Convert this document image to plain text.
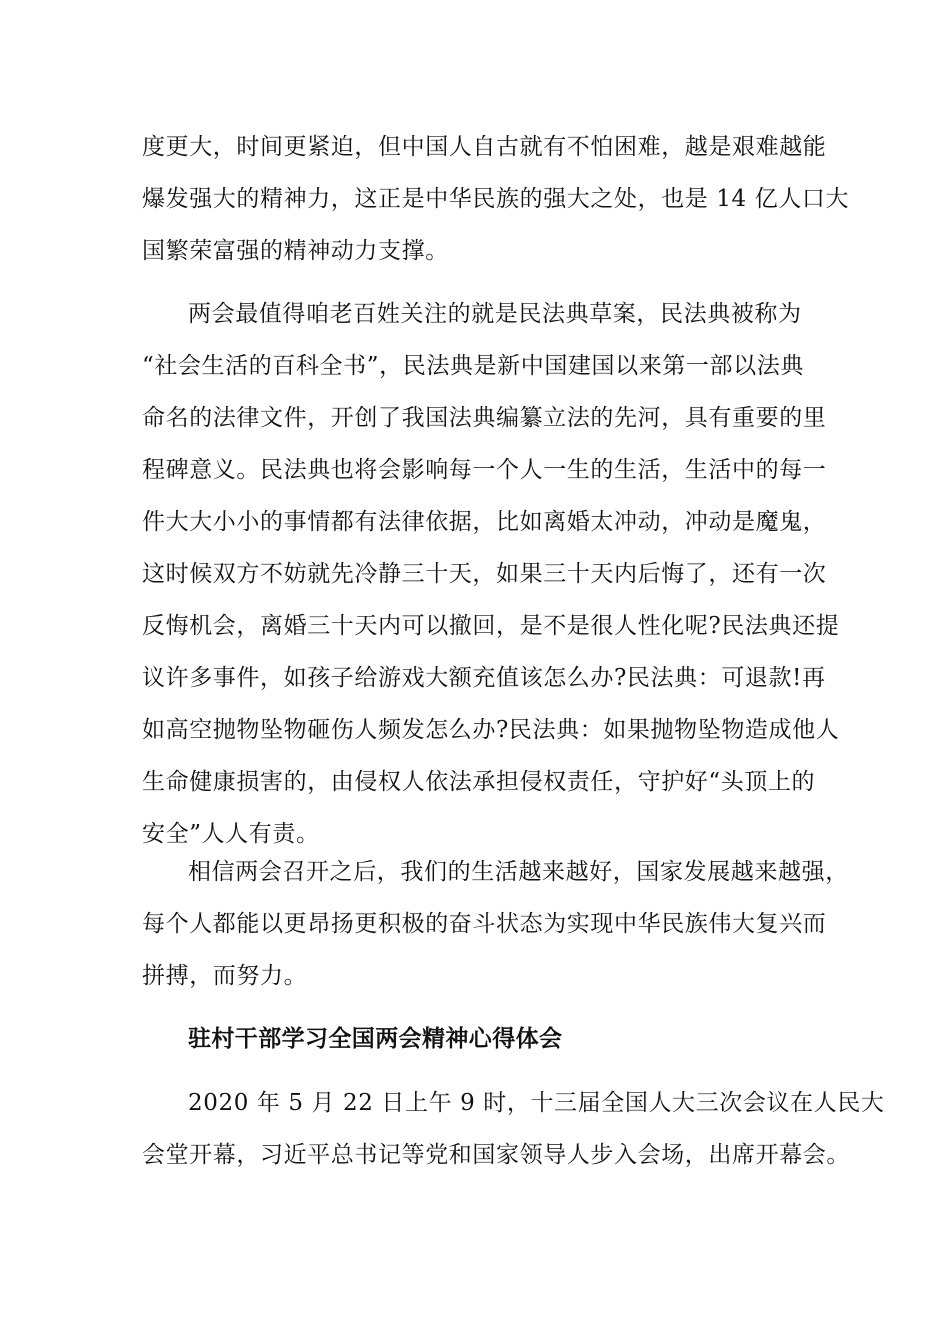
度更大，时间更紧迫，但中国人自古就有不怕困难，越是艰难越能
爆发强大的精神力，这正是中华民族的强大之处，也是 14 亿人口大
国繁荣富强的精神动力支撑。
两会最值得咱老百姓关注的就是民法典草案，民法典被称为
“社会生活的百科全书”，民法典是新中国建国以来第一部以法典
命名的法律文件，开创了我国法典编纂立法的先河，具有重要的里
程碑意义。民法典也将会影响每一个人一生的生活，生活中的每一
件大大小小的事情都有法律依据，比如离婚太冲动，冲动是魔鬼，
这时候双方不妨就先冷静三十天，如果三十天内后悔了，还有一次
反悔机会，离婚三十天内可以撤回，是不是很人性化呢?民法典还提
议许多事件，如孩子给游戏大额充值该怎么办?民法典：可退款!再
如高空抛物坠物砸伤人频发怎么办?民法典：如果抛物坠物造成他人
生命健康损害的，由侵权人依法承担侵权责任，守护好“头顶上的
安全”人人有责。
相信两会召开之后，我们的生活越来越好，国家发展越来越强，
每个人都能以更昂扬更积极的奋斗状态为实现中华民族伟大复兴而
拼搏，而努力。
驻村干部学习全国两会精神心得体会
2020 年 5 月 22 日上午 9 时，十三届全国人大三次会议在人民大
会堂开幕，习近平总书记等党和国家领导人步入会场，出席开幕会。
